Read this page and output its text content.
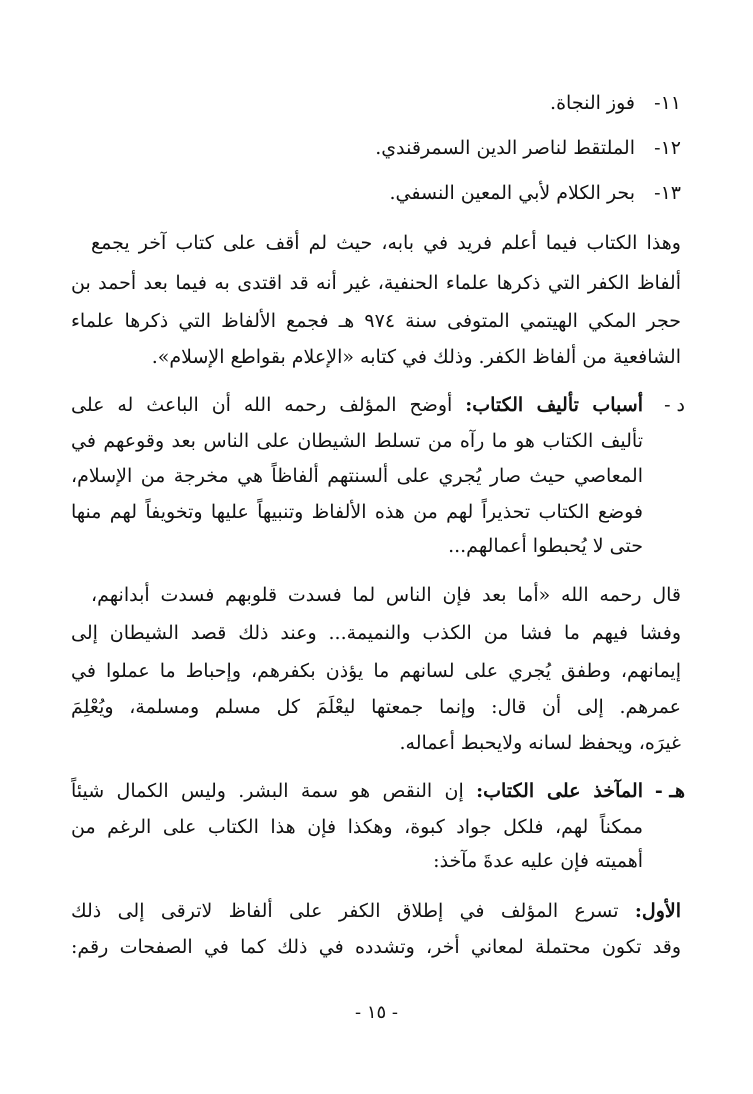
١١-
فوز النجاة.
١٢-
الملتقط لناصر الدين السمرقندي.
١٣-
بحر الكلام لأبي المعين النسفي.
وهذا الكتاب فيما أعلم فريد في بابه، حيث لم أقف على كتاب آخر يجمع
ألفاظ الكفر التي ذكرها علماء الحنفية، غير أنه قد اقتدى به فيما بعد أحمد بن
حجر المكي الهيتمي المتوفى سنة ٩٧٤ هـ فجمع الألفاظ التي ذكرها علماء
الشافعية من ألفاظ الكفر. وذلك في كتابه «الإعلام بقواطع الإسلام».
د -
أسباب تأليف الكتاب: أوضح المؤلف رحمه الله أن الباعث له على
تأليف الكتاب هو ما رآه من تسلط الشيطان على الناس بعد وقوعهم في
المعاصي حيث صار يُجري على ألسنتهم ألفاظاً هي مخرجة من الإسلام،
فوضع الكتاب تحذيراً لهم من هذه الألفاظ وتنبيهاً عليها وتخويفاً لهم منها
حتى لا يُحبطوا أعمالهم...
قال رحمه الله «أما بعد فإن الناس لما فسدت قلوبهم فسدت أبدانهم،
وفشا فيهم ما فشا من الكذب والنميمة... وعند ذلك قصد الشيطان إلى
إيمانهم، وطفق يُجري على لسانهم ما يؤذن بكفرهم، وإحباط ما عملوا في
عمرهم. إلى أن قال: وإنما جمعتها ليعْلَمَ كل مسلم ومسلمة، ويُعْلِمَ
غيرَه، ويحفظ لسانه ولايحبط أعماله.
هـ -
المآخذ على الكتاب: إن النقص هو سمة البشر. وليس الكمال شيئاً
ممكناً لهم، فلكل جواد كبوة، وهكذا فإن هذا الكتاب على الرغم من
أهميته فإن عليه عدةَ مآخذ:
الأول: تسرع المؤلف في إطلاق الكفر على ألفاظ لاترقى إلى ذلك
وقد تكون محتملة لمعاني أخر، وتشدده في ذلك كما في الصفحات رقم:
- ١٥ -
